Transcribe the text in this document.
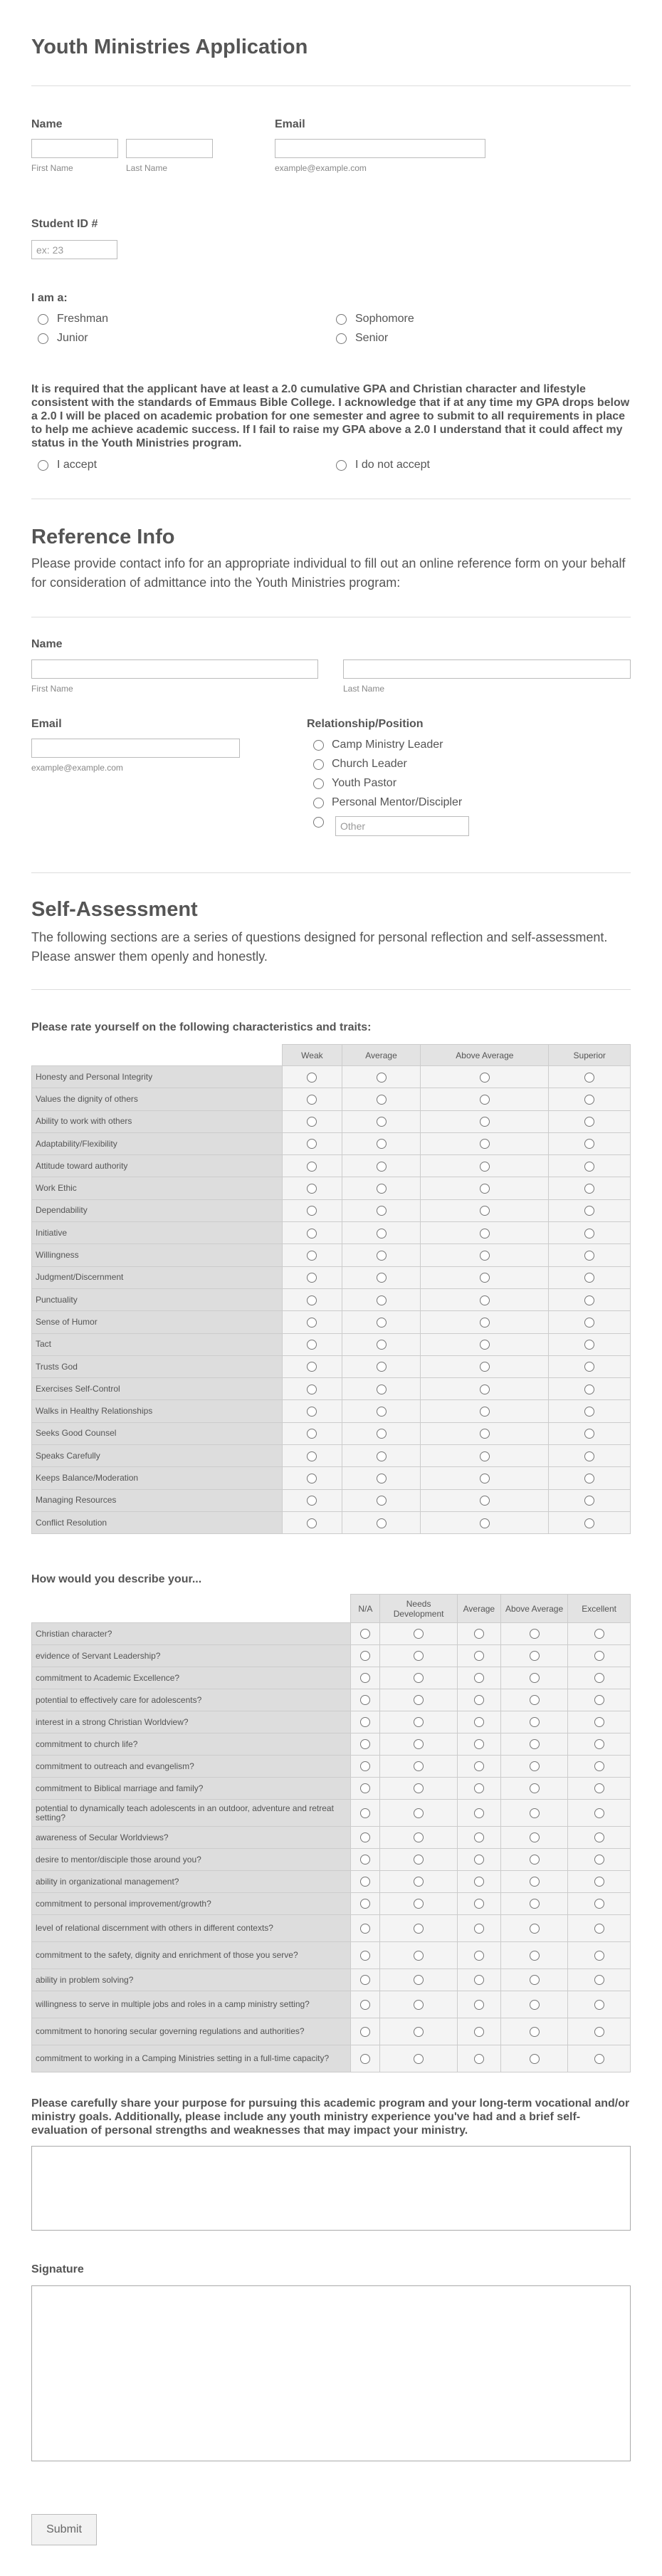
Youth Ministries Application
Name
First Name	Last Name
Email
example@example.com
Student ID #
ex: 23
I am a:
Freshman	Sophomore
Junior	Senior
It is required that the applicant have at least a 2.0 cumulative GPA and Christian character and lifestyle consistent with the standards of Emmaus Bible College. I acknowledge that if at any time my GPA drops below a 2.0 I will be placed on academic probation for one semester and agree to submit to all requirements in place to help me achieve academic success. If I fail to raise my GPA above a 2.0 I understand that it could affect my status in the Youth Ministries program.
I accept	I do not accept
Reference Info
Please provide contact info for an appropriate individual to fill out an online reference form on your behalf for consideration of admittance into the Youth Ministries program:
Name
First Name	Last Name
Email
example@example.com
Relationship/Position
Camp Ministry Leader
Church Leader
Youth Pastor
Personal Mentor/Discipler
Other
Self-Assessment
The following sections are a series of questions designed for personal reflection and self-assessment. Please answer them openly and honestly.
Please rate yourself on the following characteristics and traits:
	Weak	Average	Above Average	Superior
Honesty and Personal Integrity				
Values the dignity of others				
Ability to work with others				
Adaptability/Flexibility				
Attitude toward authority				
Work Ethic				
Dependability				
Initiative				
Willingness				
Judgment/Discernment				
Punctuality				
Sense of Humor				
Tact				
Trusts God				
Exercises Self-Control				
Walks in Healthy Relationships				
Seeks Good Counsel				
Speaks Carefully				
Keeps Balance/Moderation				
Managing Resources				
Conflict Resolution				
How would you describe your...
	N/A	Needs Development	Average	Above Average	Excellent
Christian character?					
evidence of Servant Leadership?					
commitment to Academic Excellence?					
potential to effectively care for adolescents?					
interest in a strong Christian Worldview?					
commitment to church life?					
commitment to outreach and evangelism?					
commitment to Biblical marriage and family?					
potential to dynamically teach adolescents in an outdoor, adventure and retreat setting?					
awareness of Secular Worldviews?					
desire to mentor/disciple those around you?					
ability in organizational management?					
commitment to personal improvement/growth?					
level of relational discernment with others in different contexts?					
commitment to the safety, dignity and enrichment of those you serve?					
ability in problem solving?					
willingness to serve in multiple jobs and roles in a camp ministry setting?					
commitment to honoring secular governing regulations and authorities?					
commitment to working in a Camping Ministries setting in a full-time capacity?					
Please carefully share your purpose for pursuing this academic program and your long-term vocational and/or ministry goals. Additionally, please include any youth ministry experience you've had and a brief self-evaluation of personal strengths and weaknesses that may impact your ministry.
Signature
Submit
